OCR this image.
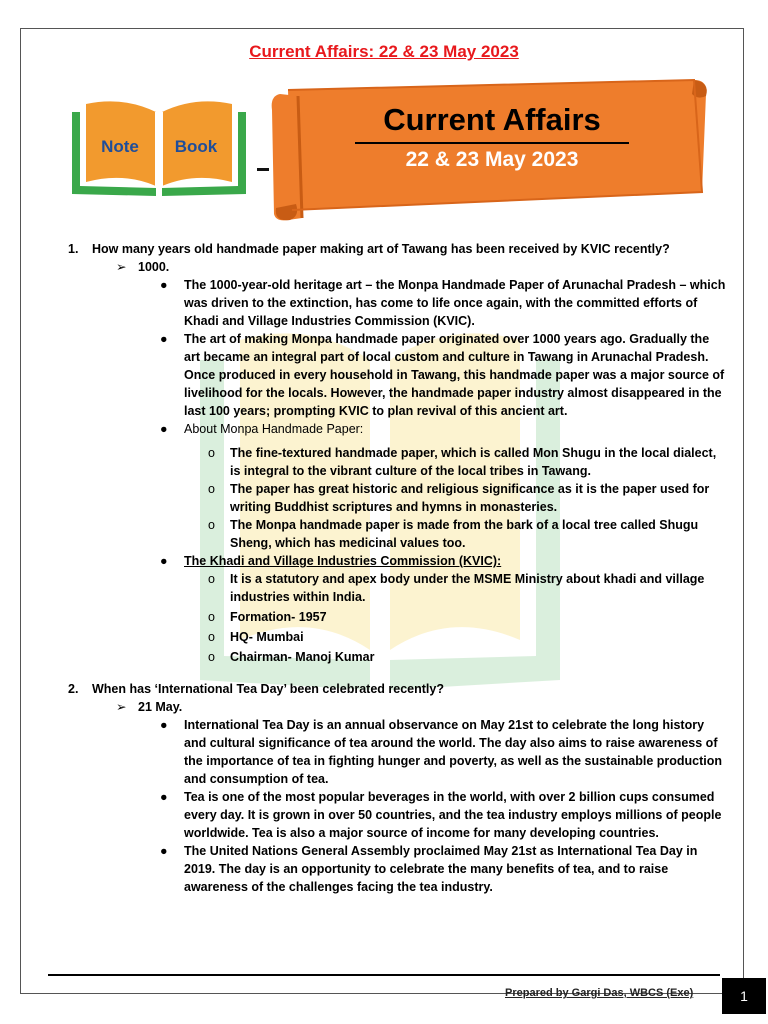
Current Affairs: 22 & 23 May 2023
Note Book
Current Affairs
22 & 23 May 2023

1. How many years old handmade paper making art of Tawang has been received by KVIC recently?

➢ 1000.

● The 1000-year-old heritage art – the Monpa Handmade Paper of Arunachal Pradesh – which was driven to the extinction, has come to life once again, with the committed efforts of Khadi and Village Industries Commission (KVIC).

● The art of making Monpa handmade paper originated over 1000 years ago. Gradually the art became an integral part of local custom and culture in Tawang in Arunachal Pradesh. Once produced in every household in Tawang, this handmade paper was a major source of livelihood for the locals. However, the handmade paper industry almost disappeared in the last 100 years; prompting KVIC to plan revival of this ancient art.

● About Monpa Handmade Paper:

o The fine-textured handmade paper, which is called Mon Shugu in the local dialect, is integral to the vibrant culture of the local tribes in Tawang.

o The paper has great historic and religious significance as it is the paper used for writing Buddhist scriptures and hymns in monasteries.

o The Monpa handmade paper is made from the bark of a local tree called Shugu Sheng, which has medicinal values too.

● The Khadi and Village Industries Commission (KVIC):

o It is a statutory and apex body under the MSME Ministry about khadi and village industries within India.

o Formation- 1957

o HQ- Mumbai

o Chairman- Manoj Kumar

2. When has ‘International Tea Day’ been celebrated recently?

➢ 21 May.

● International Tea Day is an annual observance on May 21st to celebrate the long history and cultural significance of tea around the world. The day also aims to raise awareness of the importance of tea in fighting hunger and poverty, as well as the sustainable production and consumption of tea.

● Tea is one of the most popular beverages in the world, with over 2 billion cups consumed every day. It is grown in over 50 countries, and the tea industry employs millions of people worldwide. Tea is also a major source of income for many developing countries.

● The United Nations General Assembly proclaimed May 21st as International Tea Day in 2019. The day is an opportunity to celebrate the many benefits of tea, and to raise awareness of the challenges facing the tea industry.

Prepared by Gargi Das, WBCS (Exe)	1
